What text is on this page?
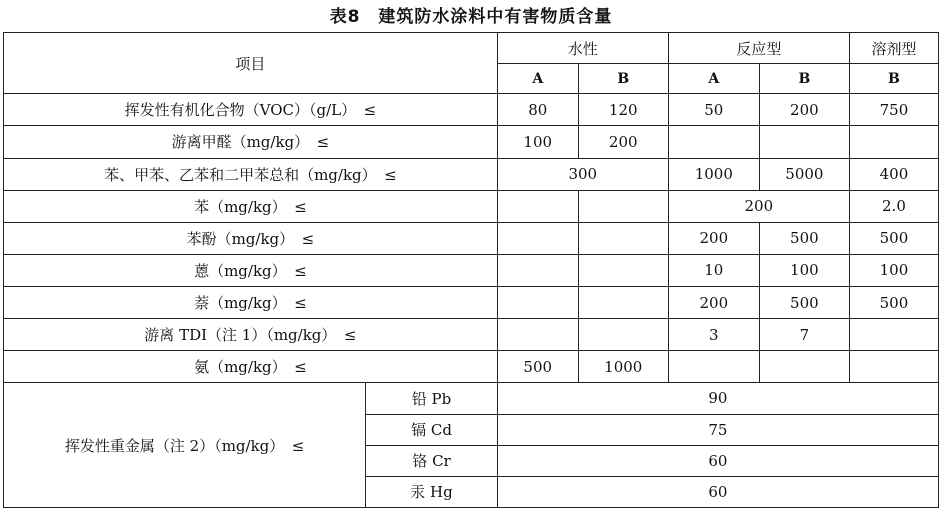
表8　建筑防水涂料中有害物质含量
项目		水性		反应型		溶剂型
		A	B	A	B	B
挥发性有机化合物（VOC）（g/L）　≤		80	120	50	200	750
游离甲醛（mg/kg）　≤		100	200			
苯、甲苯、乙苯和二甲苯总和（mg/kg）　≤		300		1000	5000	400
苯（mg/kg）　≤				200		2.0
苯酚（mg/kg）　≤				200	500	500
蒽（mg/kg）　≤				10	100	100
萘（mg/kg）　≤				200	500	500
游离 TDI（注 1）（mg/kg）　≤				3	7	
氨（mg/kg）　≤		500	1000			
挥发性重金属（注 2）（mg/kg）　≤	铅 Pb	90				
	镉 Cd	75				
	铬 Cr	60				
	汞 Hg	60				
